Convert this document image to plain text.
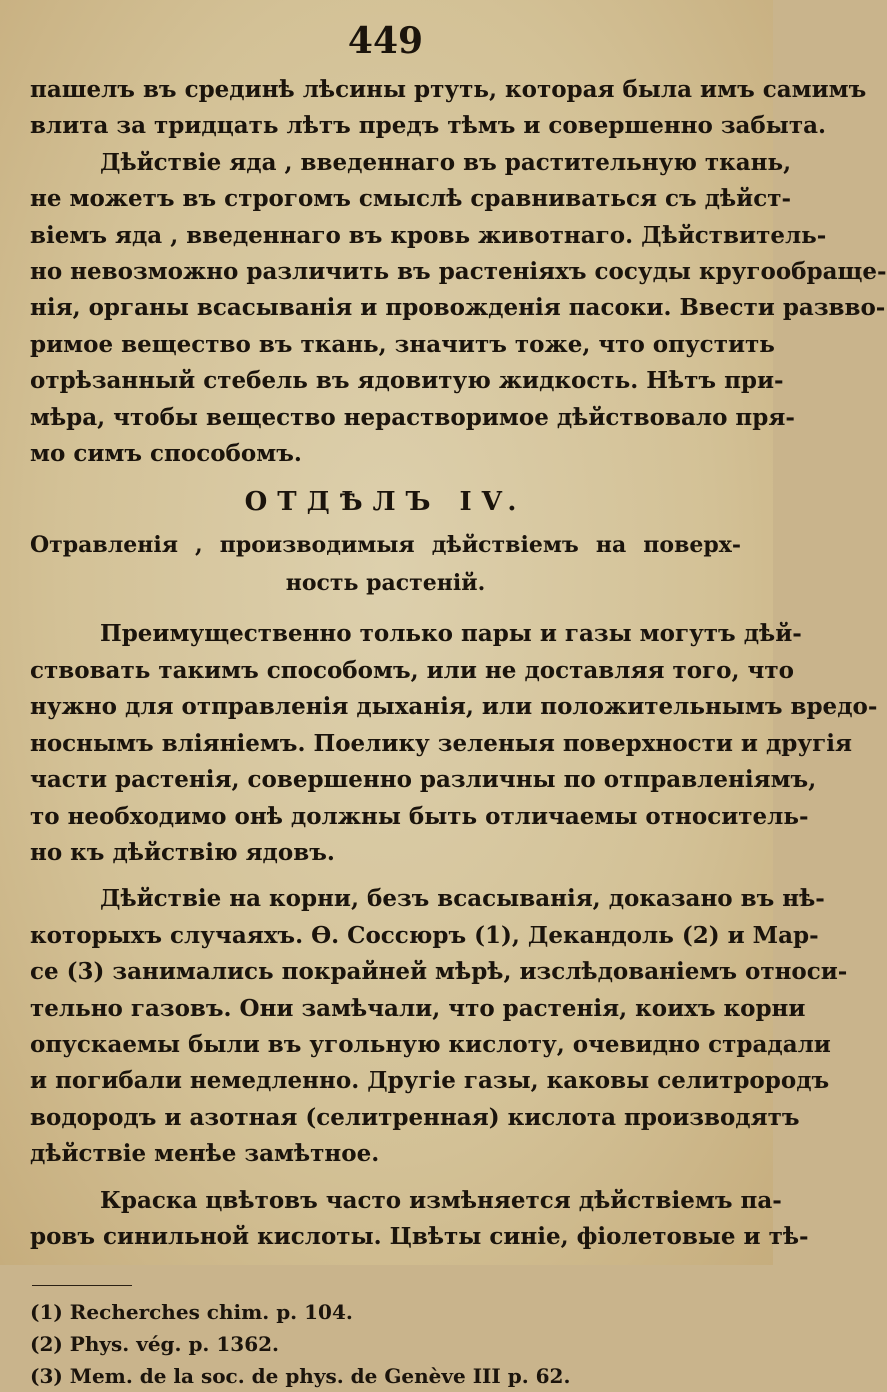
449

пашелъ въ срединѣ лѣсины ртуть, которая была имъ самимъ
влита за тридцать лѣтъ предъ тѣмъ и совершенно забыта.

Дѣйствіе яда , введеннаго въ растительную ткань,
не можетъ въ строгомъ смыслѣ сравниваться съ дѣйст-
віемъ яда , введеннаго въ кровь животнаго. Дѣйствитель-
но невозможно различить въ растеніяхъ сосуды кругообраще-
нія, органы всасыванія и провожденія пасоки. Ввести развво-
римое вещество въ ткань, значитъ тоже, что опустить
отрѣзанный стебель въ ядовитую жидкость. Нѣтъ при-
мѣра, чтобы вещество нерастворимое дѣйствовало пря-
мо симъ способомъ.

ОТДѢЛЪ IV.
Отравленія , производимыя дѣйствіемъ на поверх-
ность растеній.

Преимущественно только пары и газы могутъ дѣй-
ствовать такимъ способомъ, или не доставляя того, что
нужно для отправленія дыханія, или положительнымъ вредо-
носнымъ вліяніемъ. Поелику зеленыя поверхности и другія
части растенія, совершенно различны по отправленіямъ,
то необходимо онѣ должны быть отличаемы относитель-
но къ дѣйствію ядовъ.

Дѣйствіе на корни, безъ всасыванія, доказано въ нѣ-
которыхъ случаяхъ. Ѳ. Соссюръ (1), Декандоль (2) и Мар-
се (3) занимались покрайней мѣрѣ, изслѣдованіемъ относи-
тельно газовъ. Они замѣчали, что растенія, коихъ корни
опускаемы были въ угольную кислоту, очевидно страдали
и погибали немедленно. Другіе газы, каковы селитрородъ
водородъ и азотная (селитренная) кислота производятъ
дѣйствіе менѣе замѣтное.

Краска цвѣтовъ часто измѣняется дѣйствіемъ па-
ровъ синильной кислоты. Цвѣты синіе, фіолетовые и тѣ-

(1) Recherches chim. p. 104.
(2) Phys. vég. p. 1362.
(3) Mem. de la soc. de phys. de Genève III p. 62.
